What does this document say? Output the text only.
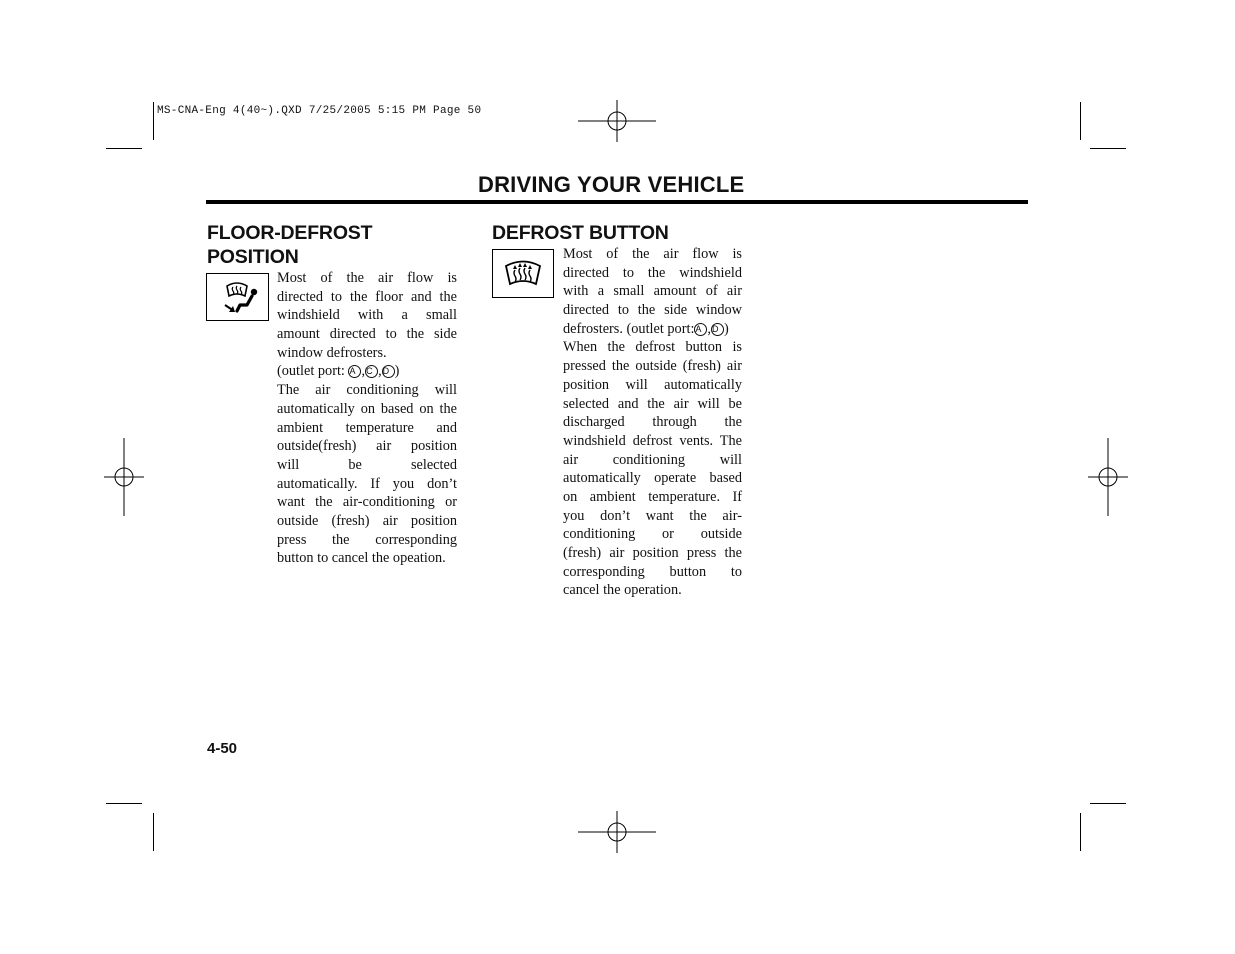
MS-CNA-Eng 4(40~).QXD 7/25/2005 5:15 PM Page 50
DRIVING YOUR VEHICLE
FLOOR-DEFROST
POSITION
Most of the air flow is
directed to the floor and the
windshield with a small
amount directed to the side
window defrosters.
(outlet port: A ,C ,D )
The air conditioning will
automatically on based on the
ambient temperature and
outside(fresh) air position
will be selected
automatically. If you don’t
want the air-conditioning or
outside (fresh) air position
press the corresponding
button to cancel the opeation.
DEFROST BUTTON
Most of the air flow is
directed to the windshield
with a small amount of air
directed to the side window
defrosters. (outlet port:A ,D )
When the defrost button is
pressed the outside (fresh) air
position will automatically
selected and the air will be
discharged through the
windshield defrost vents. The
air conditioning will
automatically operate based
on ambient temperature. If
you don’t want the air-
conditioning or outside
(fresh) air position press the
corresponding button to
cancel the operation.
4-50
